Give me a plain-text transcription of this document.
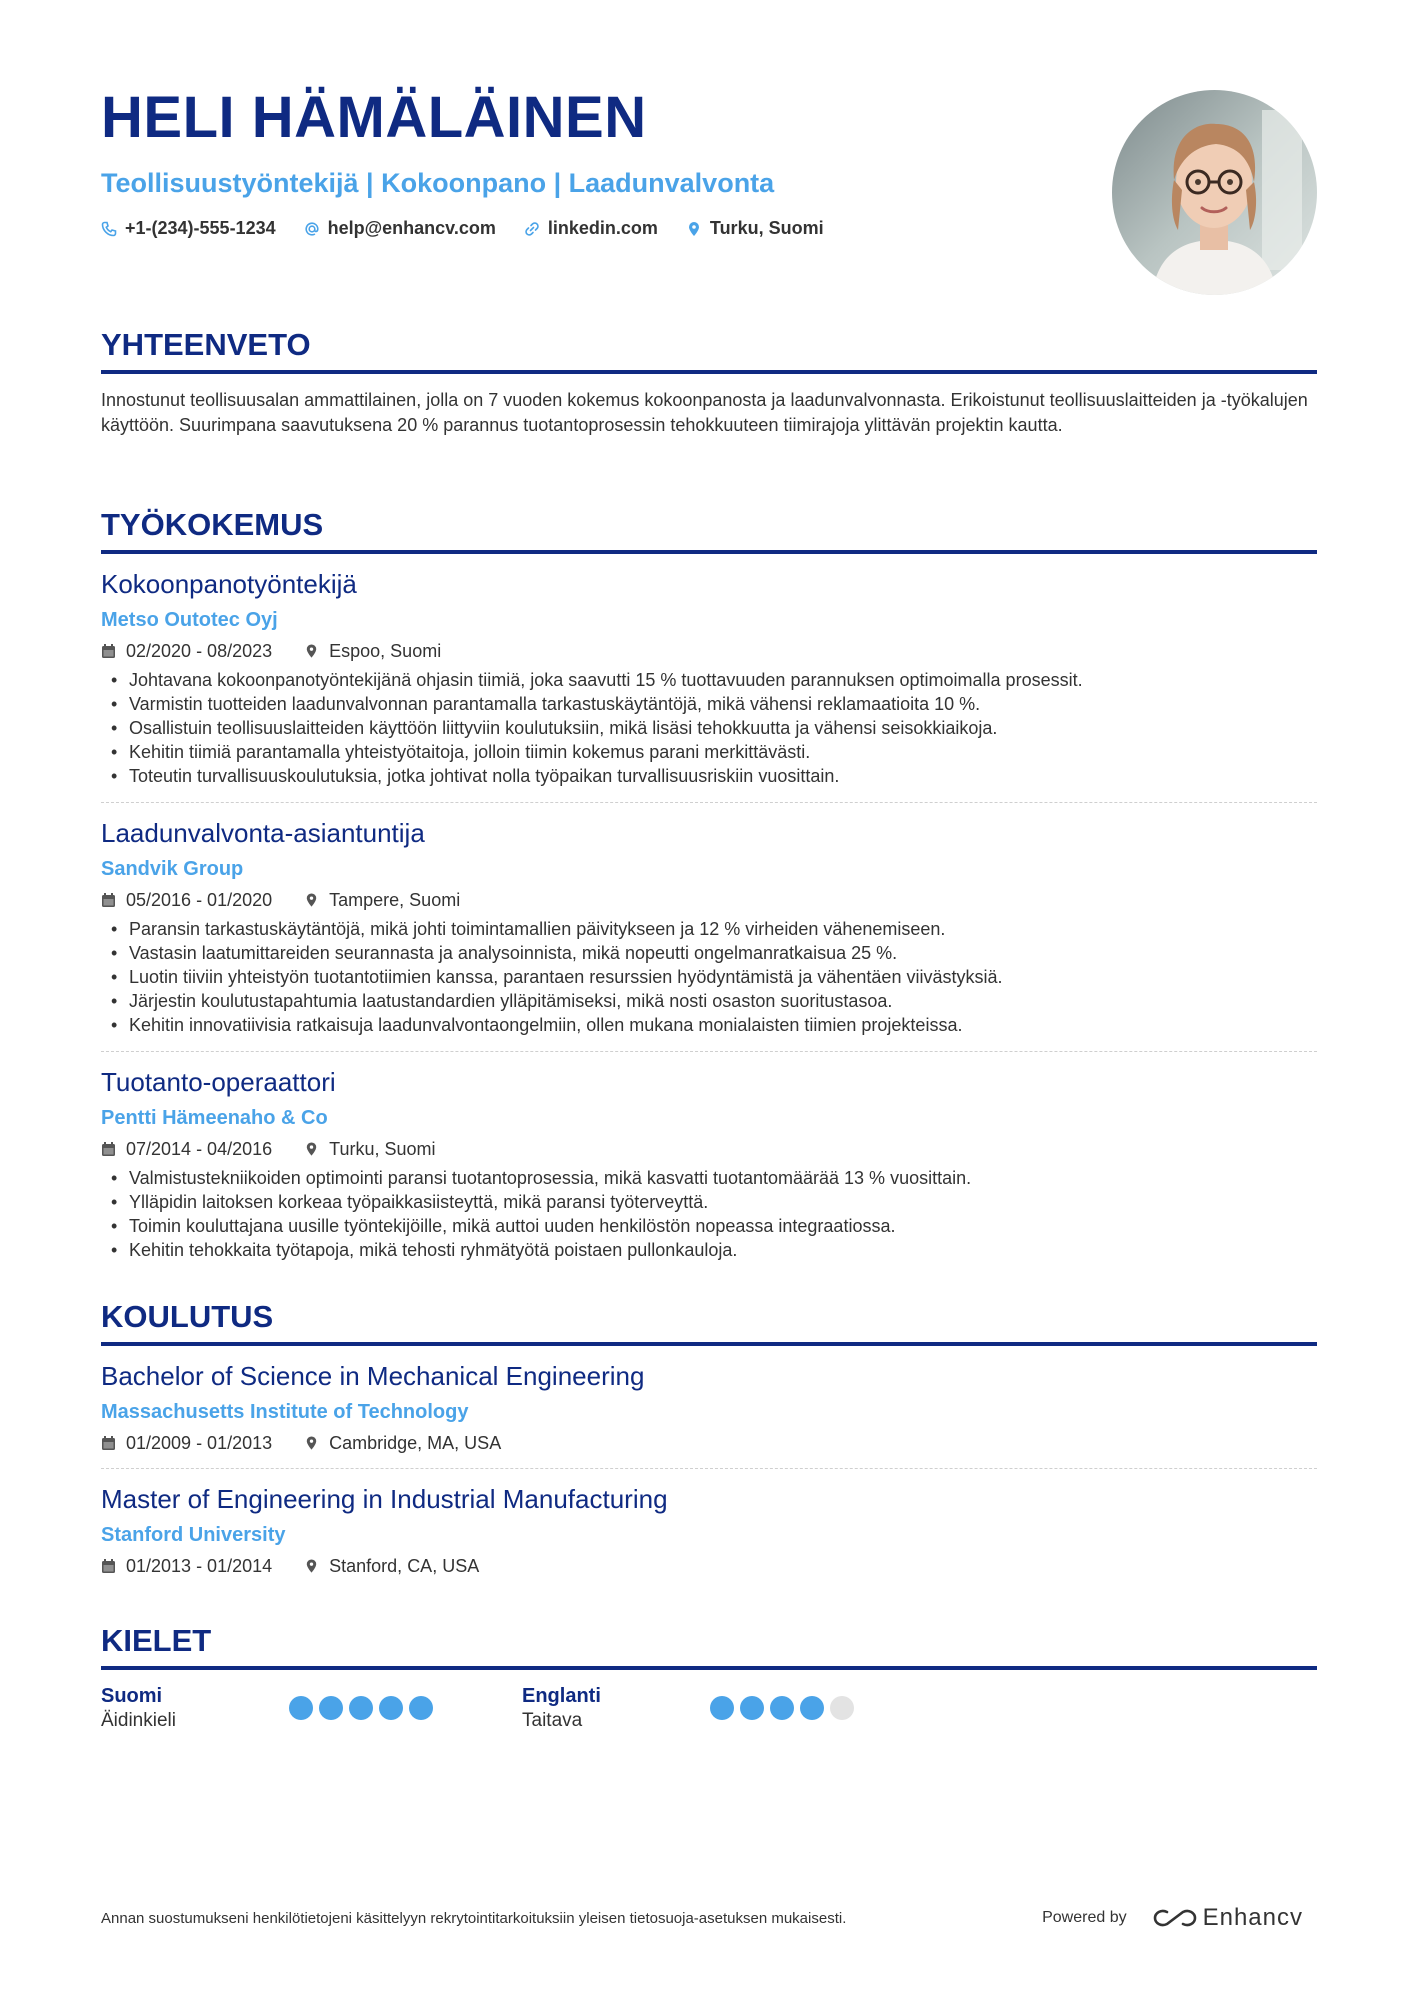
HELI HÄMÄLÄINEN
Teollisuustyöntekijä | Kokoonpano | Laadunvalvonta
+1-(234)-555-1234	help@enhancv.com	linkedin.com	Turku, Suomi
YHTEENVETO
Innostunut teollisuusalan ammattilainen, jolla on 7 vuoden kokemus kokoonpanosta ja laadunvalvonnasta. Erikoistunut teollisuuslaitteiden ja -työkalujen käyttöön. Suurimpana saavutuksena 20 % parannus tuotantoprosessin tehokkuuteen tiimirajoja ylittävän projektin kautta.
TYÖKOKEMUS
Kokoonpanotyöntekijä
Metso Outotec Oyj
02/2020 - 08/2023	Espoo, Suomi
• Johtavana kokoonpanotyöntekijänä ohjasin tiimiä, joka saavutti 15 % tuottavuuden parannuksen optimoimalla prosessit.
• Varmistin tuotteiden laadunvalvonnan parantamalla tarkastuskäytäntöjä, mikä vähensi reklamaatioita 10 %.
• Osallistuin teollisuuslaitteiden käyttöön liittyviin koulutuksiin, mikä lisäsi tehokkuutta ja vähensi seisokkiaikoja.
• Kehitin tiimiä parantamalla yhteistyötaitoja, jolloin tiimin kokemus parani merkittävästi.
• Toteutin turvallisuuskoulutuksia, jotka johtivat nolla työpaikan turvallisuusriskiin vuosittain.
Laadunvalvonta-asiantuntija
Sandvik Group
05/2016 - 01/2020	Tampere, Suomi
• Paransin tarkastuskäytäntöjä, mikä johti toimintamallien päivitykseen ja 12 % virheiden vähenemiseen.
• Vastasin laatumittareiden seurannasta ja analysoinnista, mikä nopeutti ongelmanratkaisua 25 %.
• Luotin tiiviin yhteistyön tuotantotiimien kanssa, parantaen resurssien hyödyntämistä ja vähentäen viivästyksiä.
• Järjestin koulutustapahtumia laatustandardien ylläpitämiseksi, mikä nosti osaston suoritustasoa.
• Kehitin innovatiivisia ratkaisuja laadunvalvontaongelmiin, ollen mukana monialaisten tiimien projekteissa.
Tuotanto-operaattori
Pentti Hämeenaho & Co
07/2014 - 04/2016	Turku, Suomi
• Valmistustekniikoiden optimointi paransi tuotantoprosessia, mikä kasvatti tuotantomäärää 13 % vuosittain.
• Ylläpidin laitoksen korkeaa työpaikkasiisteyttä, mikä paransi työterveyttä.
• Toimin kouluttajana uusille työntekijöille, mikä auttoi uuden henkilöstön nopeassa integraatiossa.
• Kehitin tehokkaita työtapoja, mikä tehosti ryhmätyötä poistaen pullonkauloja.
KOULUTUS
Bachelor of Science in Mechanical Engineering
Massachusetts Institute of Technology
01/2009 - 01/2013	Cambridge, MA, USA
Master of Engineering in Industrial Manufacturing
Stanford University
01/2013 - 01/2014	Stanford, CA, USA
KIELET
Suomi
Äidinkieli
Englanti
Taitava
Annan suostumukseni henkilötietojeni käsittelyyn rekrytointitarkoituksiin yleisen tietosuoja-asetuksen mukaisesti.	Powered by	Enhancv
